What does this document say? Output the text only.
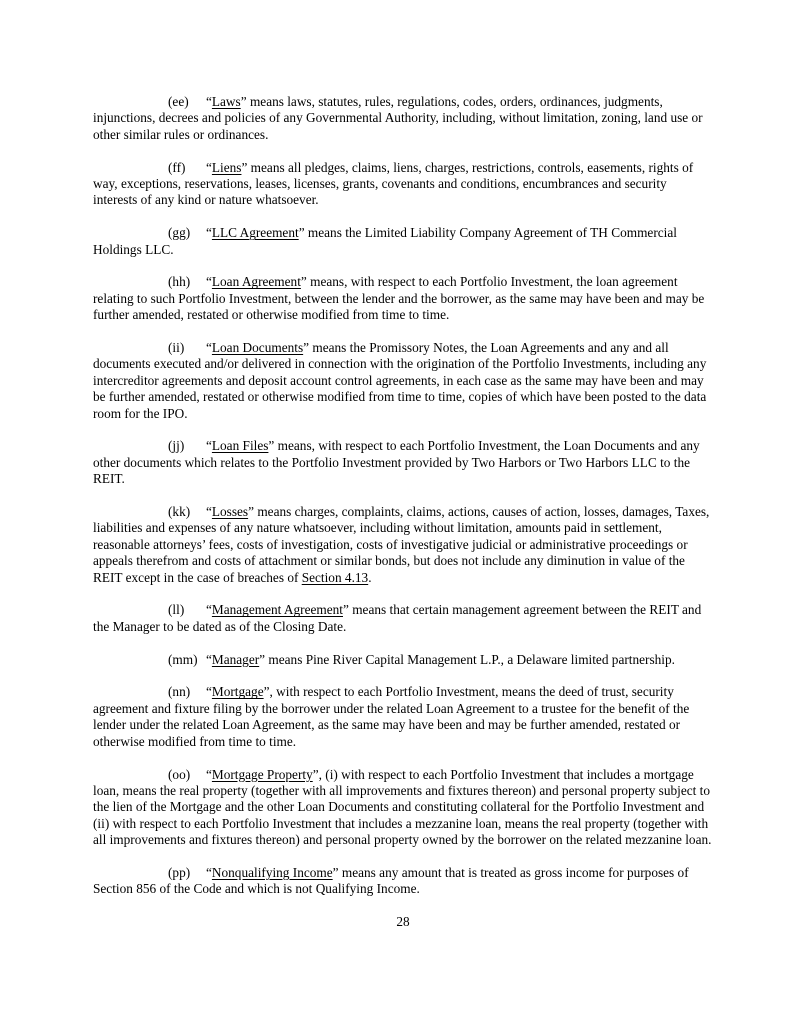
(ee) “Laws” means laws, statutes, rules, regulations, codes, orders, ordinances, judgments, injunctions, decrees and policies of any Governmental Authority, including, without limitation, zoning, land use or other similar rules or ordinances.

(ff) “Liens” means all pledges, claims, liens, charges, restrictions, controls, easements, rights of way, exceptions, reservations, leases, licenses, grants, covenants and conditions, encumbrances and security interests of any kind or nature whatsoever.

(gg) “LLC Agreement” means the Limited Liability Company Agreement of TH Commercial Holdings LLC.

(hh) “Loan Agreement” means, with respect to each Portfolio Investment, the loan agreement relating to such Portfolio Investment, between the lender and the borrower, as the same may have been and may be further amended, restated or otherwise modified from time to time.

(ii) “Loan Documents” means the Promissory Notes, the Loan Agreements and any and all documents executed and/or delivered in connection with the origination of the Portfolio Investments, including any intercreditor agreements and deposit account control agreements, in each case as the same may have been and may be further amended, restated or otherwise modified from time to time, copies of which have been posted to the data room for the IPO.

(jj) “Loan Files” means, with respect to each Portfolio Investment, the Loan Documents and any other documents which relates to the Portfolio Investment provided by Two Harbors or Two Harbors LLC to the REIT.

(kk) “Losses” means charges, complaints, claims, actions, causes of action, losses, damages, Taxes, liabilities and expenses of any nature whatsoever, including without limitation, amounts paid in settlement, reasonable attorneys’ fees, costs of investigation, costs of investigative judicial or administrative proceedings or appeals therefrom and costs of attachment or similar bonds, but does not include any diminution in value of the REIT except in the case of breaches of Section 4.13.

(ll) “Management Agreement” means that certain management agreement between the REIT and the Manager to be dated as of the Closing Date.

(mm) “Manager” means Pine River Capital Management L.P., a Delaware limited partnership.

(nn) “Mortgage”, with respect to each Portfolio Investment, means the deed of trust, security agreement and fixture filing by the borrower under the related Loan Agreement to a trustee for the benefit of the lender under the related Loan Agreement, as the same may have been and may be further amended, restated or otherwise modified from time to time.

(oo) “Mortgage Property”, (i) with respect to each Portfolio Investment that includes a mortgage loan, means the real property (together with all improvements and fixtures thereon) and personal property subject to the lien of the Mortgage and the other Loan Documents and constituting collateral for the Portfolio Investment and (ii) with respect to each Portfolio Investment that includes a mezzanine loan, means the real property (together with all improvements and fixtures thereon) and personal property owned by the borrower on the related mezzanine loan.

(pp) “Nonqualifying Income” means any amount that is treated as gross income for purposes of Section 856 of the Code and which is not Qualifying Income.

28
